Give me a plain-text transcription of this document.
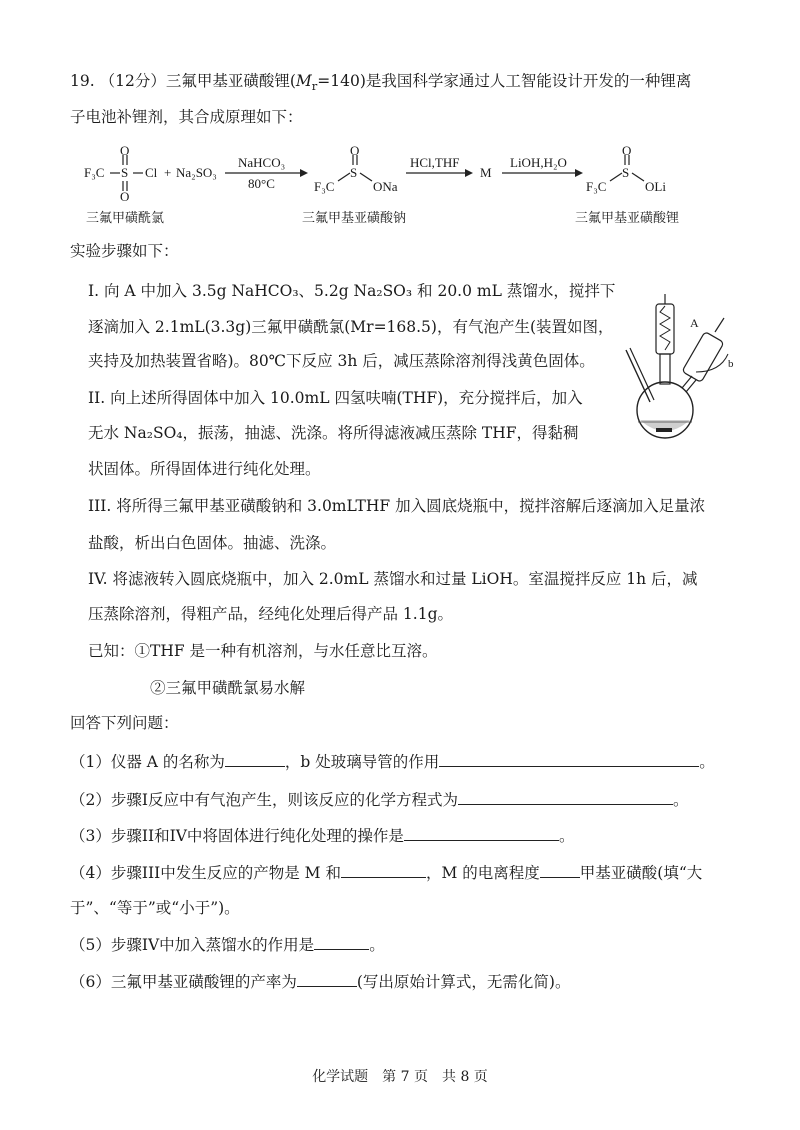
19. （12分）三氟甲基亚磺酸锂$(M_r=140)$是我国科学家通过人工智能设计开发的一种锂离
子电池补锂剂，其合成原理如下：
O
F₃C S Cl
O
+ Na₂SO₃
NaHCO₃
80°C
O
S
F₃C	ONa
HCl,THF
M
LiOH,H₂O
O
S
F₃C	OLi
三氟甲磺酰氯	三氟甲基亚磺酸钠	三氟甲基亚磺酸锂
实验步骤如下：
I. 向 A 中加入 3.5g NaHCO₃、5.2g Na₂SO₃ 和 20.0 mL 蒸馏水，搅拌下
逐滴加入 2.1mL(3.3g)三氟甲磺酰氯(Mr=168.5)，有气泡产生(装置如图，
夹持及加热装置省略)。80℃下反应 3h 后，减压蒸除溶剂得浅黄色固体。
II. 向上述所得固体中加入 10.0mL 四氢呋喃(THF)，充分搅拌后，加入
无水 Na₂SO₄，振荡，抽滤、洗涤。将所得滤液减压蒸除 THF，得黏稠
状固体。所得固体进行纯化处理。
III. 将所得三氟甲基亚磺酸钠和 3.0mLTHF 加入圆底烧瓶中，搅拌溶解后逐滴加入足量浓
盐酸，析出白色固体。抽滤、洗涤。
IV. 将滤液转入圆底烧瓶中，加入 2.0mL 蒸馏水和过量 LiOH。室温搅拌反应 1h 后，减
压蒸除溶剂，得粗产品，经纯化处理后得产品 1.1g。
A
b
已知：①THF 是一种有机溶剂，与水任意比互溶。
②三氟甲磺酰氯易水解
回答下列问题：
（1）仪器 A 的名称为	，b 处玻璃导管的作用	。
（2）步骤I反应中有气泡产生，则该反应的化学方程式为	。
（3）步骤II和IV中将固体进行纯化处理的操作是	。
（4）步骤III中发生反应的产物是 M 和	，M 的电离程度	甲基亚磺酸(填“大
于”、“等于”或“小于”)。
（5）步骤IV中加入蒸馏水的作用是	。
（6）三氟甲基亚磺酸锂的产率为	(写出原始计算式，无需化简)。
化学试题　第 7 页　共 8 页
